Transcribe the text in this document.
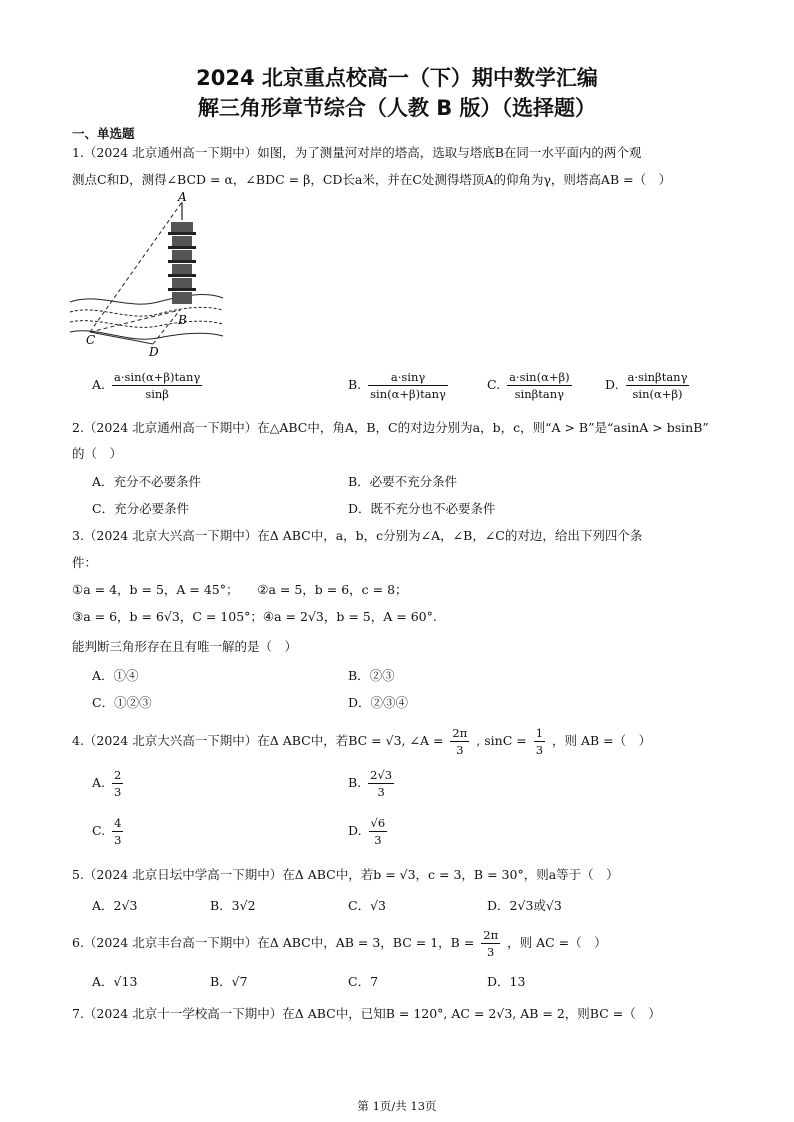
2024 北京重点校高一（下）期中数学汇编
解三角形章节综合（人教 B 版）（选择题）
一、单选题
1.（2024 北京通州高一下期中）如图，为了测量河对岸的塔高，选取与塔底B在同一水平面内的两个观
测点C和D，测得∠BCD = α，∠BDC = β，CD长a米，并在C处测得塔顶A的仰角为γ，则塔高AB =（　）
A
B
C
D
A. $\frac{a\cdot\sin(\alpha+\beta)\tan\gamma}{\sin\beta}$	B. $\frac{a\cdot\sin\gamma}{\sin(\alpha+\beta)\tan\gamma}$	C. $\frac{a\cdot\sin(\alpha+\beta)}{\sin\beta\tan\gamma}$	D. $\frac{a\cdot\sin\beta\tan\gamma}{\sin(\alpha+\beta)}$
2.（2024 北京通州高一下期中）在△ABC中，角A，B，C的对边分别为a，b，c，则“A > B”是“asinA > bsinB”
的（　）
A．充分不必要条件	B．必要不充分条件
C．充分必要条件	D．既不充分也不必要条件
3.（2024 北京大兴高一下期中）在Δ ABC中，a，b，c分别为∠A，∠B，∠C的对边，给出下列四个条
件：
①a = 4，b = 5，A = 45°；　　②a = 5，b = 6，c = 8；
③a = 6，b = 6√3，C = 105°；④a = 2√3，b = 5，A = 60°.
能判断三角形存在且有唯一解的是（　）
A．①④	B．②③
C．①②③	D．②③④
4.（2024 北京大兴高一下期中）在Δ ABC中，若BC = √3, ∠A = $\frac{2\pi}{3}$ , $\sin C = \frac{1}{3}$ ，则 AB =（　）
A. $\frac{2}{3}$	B. $\frac{2√3}{3}$
C. $\frac{4}{3}$	D. $\frac{√6}{3}$
5.（2024 北京日坛中学高一下期中）在Δ ABC中，若b = √3，c = 3，B = 30°，则a等于（　）
A．2√3	B．3√2	C．√3	D．2√3或√3
6.（2024 北京丰台高一下期中）在Δ ABC中，AB = 3，BC = 1，$B = \frac{2\pi}{3}$ ，则 AC =（　）
A．√13	B．√7	C．7	D．13
7.（2024 北京十一学校高一下期中）在Δ ABC中，已知B = 120°, AC = 2√3, AB = 2，则BC =（　）
第 1页/共 13页
